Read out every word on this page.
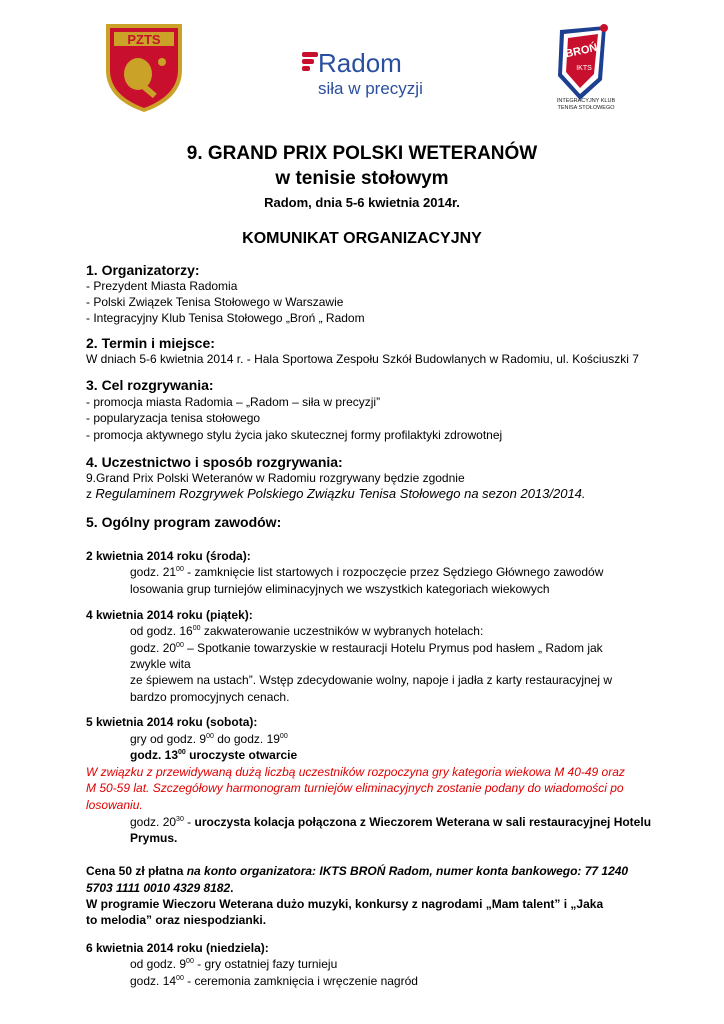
PZTS
Radom
siła w precyzji
BROŃ
IKTS
INTEGRACYJNY KLUB
TENISA STOŁOWEGO
9. GRAND PRIX POLSKI WETERANÓW
w tenisie stołowym
Radom, dnia 5-6 kwietnia 2014r.
KOMUNIKAT ORGANIZACYJNY
1. Organizatorzy:
- Prezydent Miasta Radomia
- Polski Związek Tenisa Stołowego w Warszawie
- Integracyjny Klub Tenisa Stołowego „Broń „ Radom
2. Termin i miejsce:
W dniach 5-6 kwietnia 2014 r. - Hala Sportowa Zespołu Szkół Budowlanych w Radomiu, ul. Kościuszki 7
3. Cel rozgrywania:
- promocja miasta Radomia – „Radom – siła w precyzji”
- popularyzacja tenisa stołowego
- promocja aktywnego stylu życia jako skutecznej formy profilaktyki zdrowotnej
4. Uczestnictwo i sposób rozgrywania:
9.Grand Prix Polski Weteranów w Radomiu rozgrywany będzie zgodnie
z Regulaminem Rozgrywek Polskiego Związku Tenisa Stołowego na sezon 2013/2014.
5. Ogólny program zawodów:
2 kwietnia 2014 roku (środa):
godz. $21^{00}$ - zamknięcie list startowych i rozpoczęcie przez Sędziego Głównego zawodów
losowania grup turniejów eliminacyjnych we wszystkich kategoriach wiekowych
4 kwietnia 2014 roku (piątek):
od godz. $16^{00}$ zakwaterowanie uczestników w wybranych hotelach:
godz. $20^{00}$ – Spotkanie towarzyskie w restauracji Hotelu Prymus pod hasłem „ Radom jak
zwykle wita
ze śpiewem na ustach”. Wstęp zdecydowanie wolny, napoje i jadła z karty restauracyjnej w
bardzo promocyjnych cenach.
5 kwietnia 2014 roku (sobota):
gry od godz. $9^{00}$ do godz. $19^{00}$
godz. $13^{00}$ uroczyste otwarcie
W związku z przewidywaną dużą liczbą uczestników rozpoczyna gry kategoria wiekowa M 40-49 oraz
M 50-59 lat. Szczegółowy harmonogram turniejów eliminacyjnych zostanie podany do wiadomości po
losowaniu.
godz. $20^{30}$ - uroczysta kolacja połączona z Wieczorem Weterana w sali restauracyjnej Hotelu
Prymus.
Cena 50 zł płatna na konto organizatora: IKTS BROŃ Radom, numer konta bankowego: 77 1240
5703 1111 0010 4329 8182.
W programie Wieczoru Weterana dużo muzyki, konkursy z nagrodami „Mam talent” i „Jaka
to melodia” oraz niespodzianki.
6 kwietnia 2014 roku (niedziela):
od godz. $9^{00}$ - gry ostatniej fazy turnieju
godz. $14^{00}$ - ceremonia zamknięcia i wręczenie nagród
